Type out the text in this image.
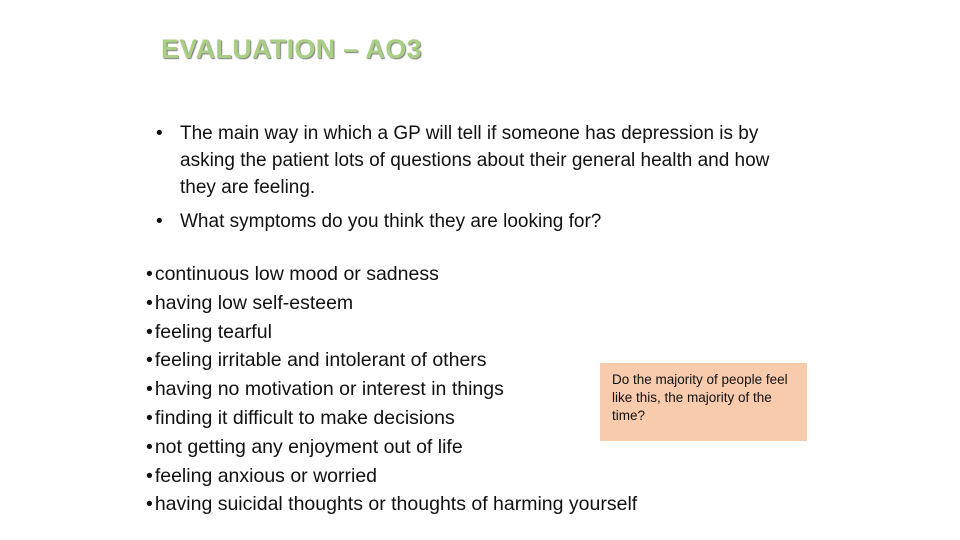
EVALUATION – AO3
• The main way in which a GP will tell if someone has depression is by asking the patient lots of questions about their general health and how they are feeling.
• What symptoms do you think they are looking for?
• continuous low mood or sadness
• having low self-esteem
• feeling tearful
• feeling irritable and intolerant of others
• having no motivation or interest in things
• finding it difficult to make decisions
• not getting any enjoyment out of life
• feeling anxious or worried
• having suicidal thoughts or thoughts of harming yourself
Do the majority of people feel like this, the majority of the time?
